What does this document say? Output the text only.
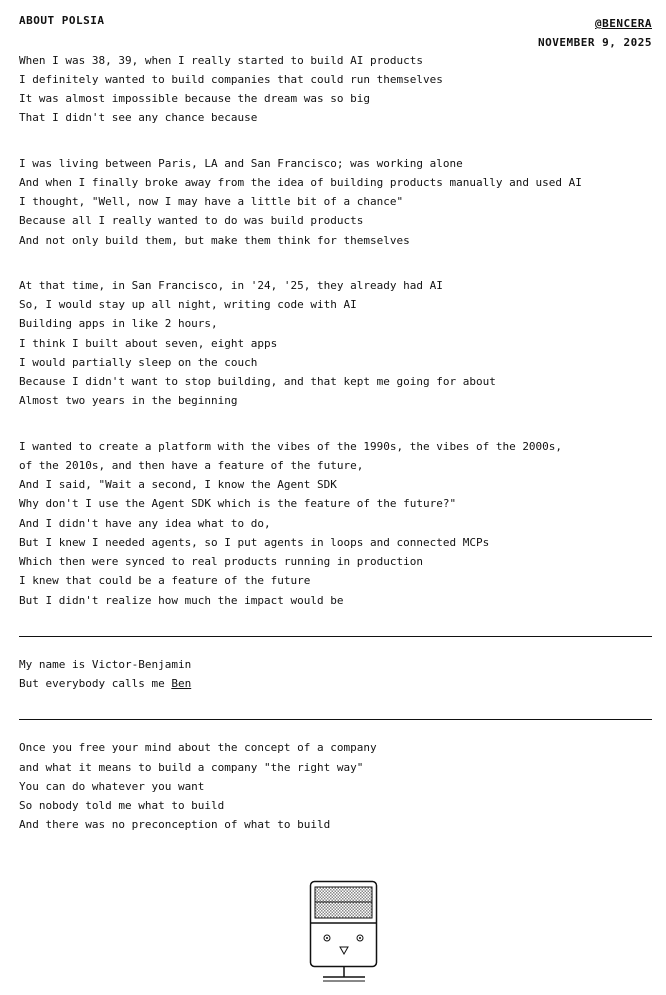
ABOUT POLSIA	@BENCERA
NOVEMBER 9, 2025
When I was 38, 39, when I really started to build AI products
I definitely wanted to build companies that could run themselves
It was almost impossible because the dream was so big
That I didn't see any chance because
I was living between Paris, LA and San Francisco; was working alone
And when I finally broke away from the idea of building products manually and used AI
I thought, "Well, now I may have a little bit of a chance"
Because all I really wanted to do was build products
And not only build them, but make them think for themselves
At that time, in San Francisco, in '24, '25, they already had AI
So, I would stay up all night, writing code with AI
Building apps in like 2 hours,
I think I built about seven, eight apps
I would partially sleep on the couch
Because I didn't want to stop building, and that kept me going for about
Almost two years in the beginning
I wanted to create a platform with the vibes of the 1990s, the vibes of the 2000s,
of the 2010s, and then have a feature of the future,
And I said, "Wait a second, I know the Agent SDK
Why don't I use the Agent SDK which is the feature of the future?"
And I didn't have any idea what to do,
But I knew I needed agents, so I put agents in loops and connected MCPs
Which then were synced to real products running in production
I knew that could be a feature of the future
But I didn't realize how much the impact would be
My name is Victor-Benjamin
But everybody calls me Ben
Once you free your mind about the concept of a company
and what it means to build a company "the right way"
You can do whatever you want
So nobody told me what to build
And there was no preconception of what to build
